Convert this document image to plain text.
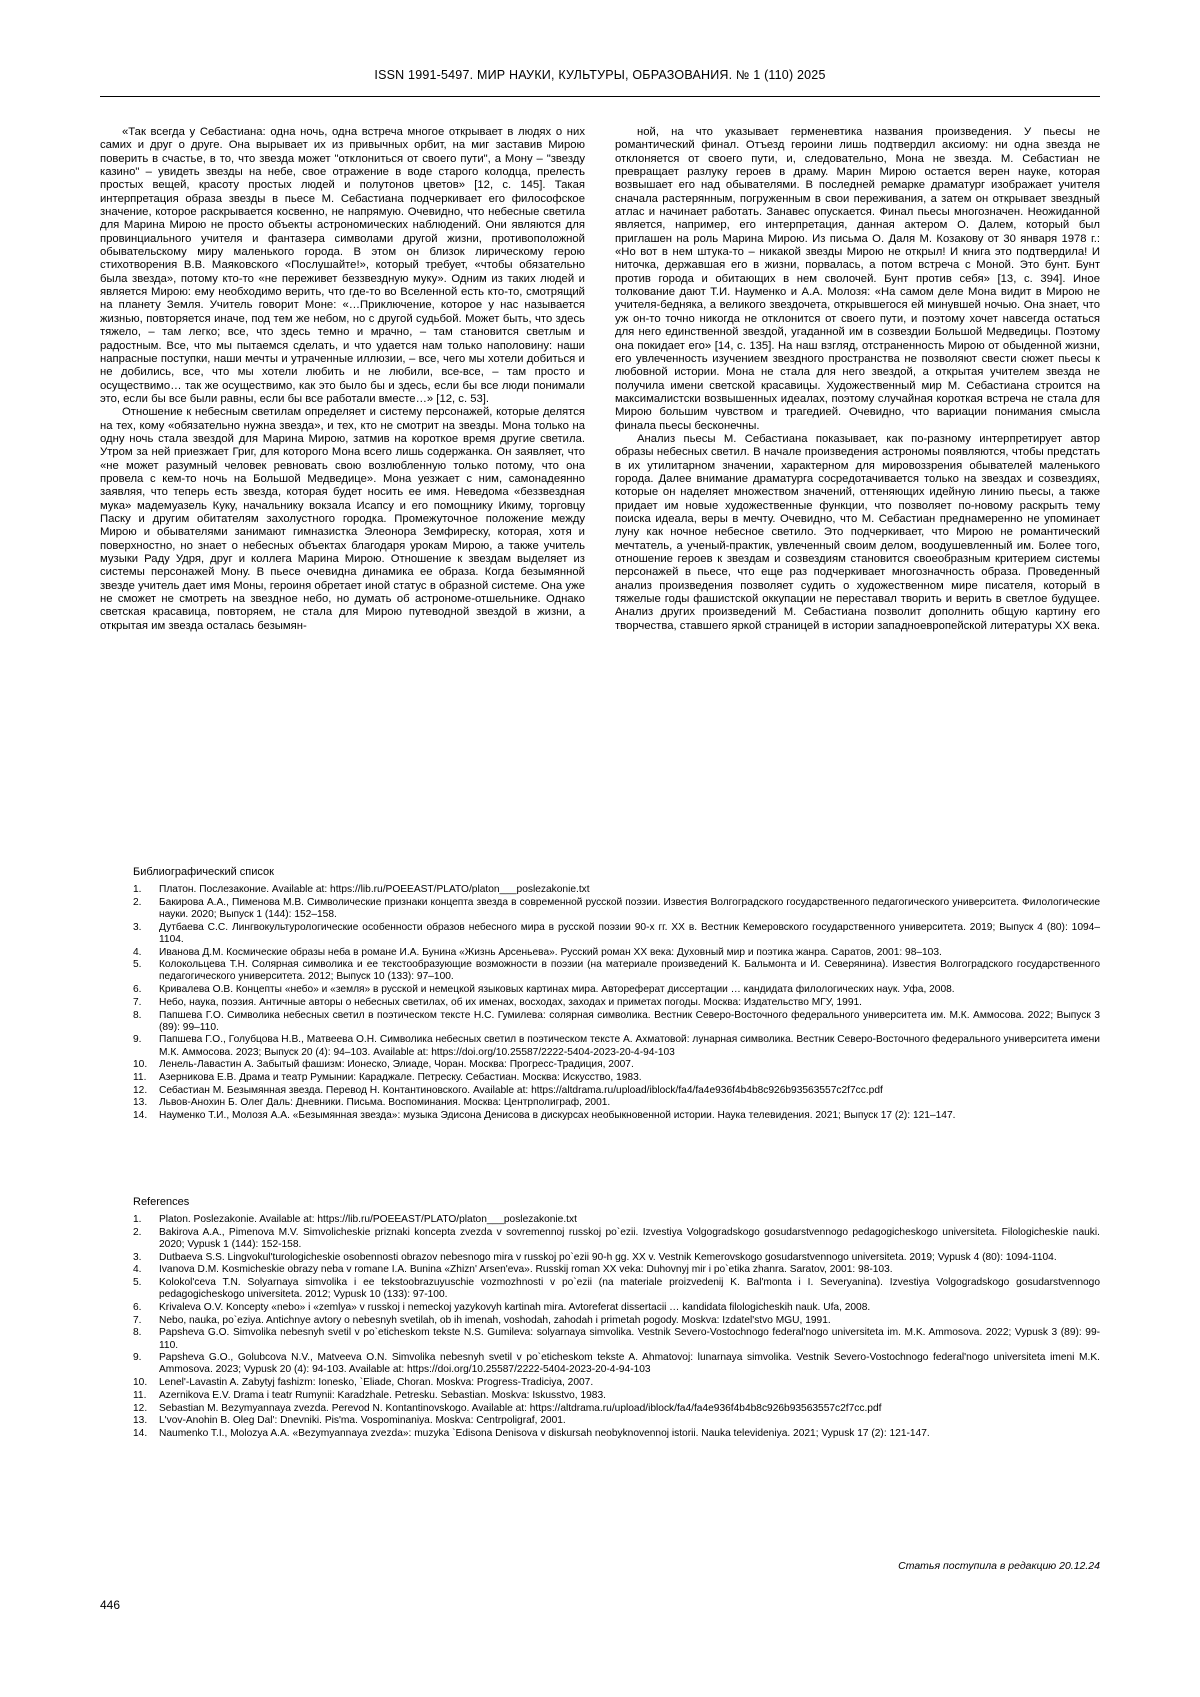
ISSN 1991-5497. МИР НАУКИ, КУЛЬТУРЫ, ОБРАЗОВАНИЯ. № 1 (110) 2025

«Так всегда у Себастиана: одна ночь, одна встреча многое открывает в людях о них самих и друг о друге. Она вырывает их из привычных орбит, на миг заставив Мирою поверить в счастье, в то, что звезда может "отклониться от своего пути", а Мону – "звезду казино" – увидеть звезды на небе, свое отражение в воде старого колодца, прелесть простых вещей, красоту простых людей и полутонов цветов» [12, с. 145]. Такая интерпретация образа звезды в пьесе М. Себастиана подчеркивает его философское значение, которое раскрывается косвенно, не напрямую. Очевидно, что небесные светила для Марина Мирою не просто объекты астрономических наблюдений. Они являются для провинциального учителя и фантазера символами другой жизни, противоположной обывательскому миру маленького города. В этом он близок лирическому герою стихотворения В.В. Маяковского «Послушайте!», который требует, «чтобы обязательно была звезда», потому кто-то «не переживет беззвездную муку». Одним из таких людей и является Мирою: ему необходимо верить, что где-то во Вселенной есть кто-то, смотрящий на планету Земля. Учитель говорит Моне: «…Приключение, которое у нас называется жизнью, повторяется иначе, под тем же небом, но с другой судьбой. Может быть, что здесь тяжело, – там легко; все, что здесь темно и мрачно, – там становится светлым и радостным. Все, что мы пытаемся сделать, и что удается нам только наполовину: наши напрасные поступки, наши мечты и утраченные иллюзии, – все, чего мы хотели добиться и не добились, все, что мы хотели любить и не любили, все-все, – там просто и осуществимо… так же осуществимо, как это было бы и здесь, если бы все люди понимали это, если бы все были равны, если бы все работали вместе…» [12, с. 53].

Отношение к небесным светилам определяет и систему персонажей, которые делятся на тех, кому «обязательно нужна звезда», и тех, кто не смотрит на звезды. Мона только на одну ночь стала звездой для Марина Мирою, затмив на короткое время другие светила. Утром за ней приезжает Григ, для которого Мона всего лишь содержанка. Он заявляет, что «не может разумный человек ревновать свою возлюбленную только потому, что она провела с кем-то ночь на Большой Медведице». Мона уезжает с ним, самонадеянно заявляя, что теперь есть звезда, которая будет носить ее имя. Неведома «беззвездная мука» мадемуазель Куку, начальнику вокзала Исапсу и его помощнику Икиму, торговцу Паску и другим обитателям захолустного городка. Промежуточное положение между Мирою и обывателями занимают гимназистка Элеонора Земфиреску, которая, хотя и поверхностно, но знает о небесных объектах благодаря урокам Мирою, а также учитель музыки Раду Удря, друг и коллега Марина Мирою. Отношение к звездам выделяет из системы персонажей Мону. В пьесе очевидна динамика ее образа. Когда безымянной звезде учитель дает имя Моны, героиня обретает иной статус в образной системе. Она уже не сможет не смотреть на звездное небо, но думать об астрономе-отшельнике. Однако светская красавица, повторяем, не стала для Мирою путеводной звездой в жизни, а открытая им звезда осталась безымян-

ной, на что указывает герменевтика названия произведения. У пьесы не романтический финал. Отъезд героини лишь подтвердил аксиому: ни одна звезда не отклоняется от своего пути, и, следовательно, Мона не звезда. М. Себастиан не превращает разлуку героев в драму. Марин Мирою остается верен науке, которая возвышает его над обывателями. В последней ремарке драматург изображает учителя сначала растерянным, погруженным в свои переживания, а затем он открывает звездный атлас и начинает работать. Занавес опускается. Финал пьесы многозначен. Неожиданной является, например, его интерпретация, данная актером О. Далем, который был приглашен на роль Марина Мирою. Из письма О. Даля М. Козакову от 30 января 1978 г.: «Но вот в нем штука-то – никакой звезды Мирою не открыл! И книга это подтвердила! И ниточка, державшая его в жизни, порвалась, а потом встреча с Моной. Это бунт. Бунт против города и обитающих в нем сволочей. Бунт против себя» [13, с. 394]. Иное толкование дают Т.И. Науменко и А.А. Молозя: «На самом деле Мона видит в Мирою не учителя-бедняка, а великого звездочета, открывшегося ей минувшей ночью. Она знает, что уж он-то точно никогда не отклонится от своего пути, и поэтому хочет навсегда остаться для него единственной звездой, угаданной им в созвездии Большой Медведицы. Поэтому она покидает его» [14, с. 135]. На наш взгляд, отстраненность Мирою от обыденной жизни, его увлеченность изучением звездного пространства не позволяют свести сюжет пьесы к любовной истории. Мона не стала для него звездой, а открытая учителем звезда не получила имени светской красавицы. Художественный мир М. Себастиана строится на максималистски возвышенных идеалах, поэтому случайная короткая встреча не стала для Мирою большим чувством и трагедией. Очевидно, что вариации понимания смысла финала пьесы бесконечны.

Анализ пьесы М. Себастиана показывает, как по-разному интерпретирует автор образы небесных светил. В начале произведения астрономы появляются, чтобы предстать в их утилитарном значении, характерном для мировоззрения обывателей маленького города. Далее внимание драматурга сосредотачивается только на звездах и созвездиях, которые он наделяет множеством значений, оттеняющих идейную линию пьесы, а также придает им новые художественные функции, что позволяет по-новому раскрыть тему поиска идеала, веры в мечту. Очевидно, что М. Себастиан преднамеренно не упоминает луну как ночное небесное светило. Это подчеркивает, что Мирою не романтический мечтатель, а ученый-практик, увлеченный своим делом, воодушевленный им. Более того, отношение героев к звездам и созвездиям становится своеобразным критерием системы персонажей в пьесе, что еще раз подчеркивает многозначность образа. Проведенный анализ произведения позволяет судить о художественном мире писателя, который в тяжелые годы фашистской оккупации не переставал творить и верить в светлое будущее. Анализ других произведений М. Себастиана позволит дополнить общую картину его творчества, ставшего яркой страницей в истории западноевропейской литературы XX века.

Библиографический список
1.	Платон. Послезаконие. Available at: https://lib.ru/POEEAST/PLATO/platon___poslezakonie.txt
2.	Бакирова А.А., Пименова М.В. Символические признаки концепта звезда в современной русской поэзии. Известия Волгоградского государственного педагогического университета. Филологические науки. 2020; Выпуск 1 (144): 152–158.
3.	Дутбаева С.С. Лингвокультурологические особенности образов небесного мира в русской поэзии 90-х гг. XX в. Вестник Кемеровского государственного университета. 2019; Выпуск 4 (80): 1094–1104.
4.	Иванова Д.М. Космические образы неба в романе И.А. Бунина «Жизнь Арсеньева». Русский роман XX века: Духовный мир и поэтика жанра. Саратов, 2001: 98–103.
5.	Колокольцева Т.Н. Солярная символика и ее текстообразующие возможности в поэзии (на материале произведений К. Бальмонта и И. Северянина). Известия Волгоградского государственного педагогического университета. 2012; Выпуск 10 (133): 97–100.
6.	Кривалева О.В. Концепты «небо» и «земля» в русской и немецкой языковых картинах мира. Автореферат диссертации … кандидата филологических наук. Уфа, 2008.
7.	Небо, наука, поэзия. Античные авторы о небесных светилах, об их именах, восходах, заходах и приметах погоды. Москва: Издательство МГУ, 1991.
8.	Папшева Г.О. Символика небесных светил в поэтическом тексте Н.С. Гумилева: солярная символика. Вестник Северо-Восточного федерального университета им. М.К. Аммосова. 2022; Выпуск 3 (89): 99–110.
9.	Папшева Г.О., Голубцова Н.В., Матвеева О.Н. Символика небесных светил в поэтическом тексте А. Ахматовой: лунарная символика. Вестник Северо-Восточного федерального университета имени М.К. Аммосова. 2023; Выпуск 20 (4): 94–103. Available at: https://doi.org/10.25587/2222-5404-2023-20-4-94-103
10.	Ленель-Лавастин А. Забытый фашизм: Ионеско, Элиаде, Чоран. Москва: Прогресс-Традиция, 2007.
11.	Азерникова Е.В. Драма и театр Румынии: Караджале. Петреску. Себастиан. Москва: Искусство, 1983.
12.	Себастиан М. Безымянная звезда. Перевод Н. Контантиновского. Available at: https://altdrama.ru/upload/iblock/fa4/fa4e936f4b4b8c926b93563557c2f7cc.pdf
13.	Львов-Анохин Б. Олег Даль: Дневники. Письма. Воспоминания. Москва: Центрполиграф, 2001.
14.	Науменко Т.И., Молозя А.А. «Безымянная звезда»: музыка Эдисона Денисова в дискурсах необыкновенной истории. Наука телевидения. 2021; Выпуск 17 (2): 121–147.
References
1.	Platon. Poslezakonie. Available at: https://lib.ru/POEEAST/PLATO/platon___poslezakonie.txt
2.	Bakirova A.A., Pimenova M.V. Simvolicheskie priznaki koncepta zvezda v sovremennoj russkoj po`ezii. Izvestiya Volgogradskogo gosudarstvennogo pedagogicheskogo universiteta. Filologicheskie nauki. 2020; Vypusk 1 (144): 152-158.
3.	Dutbaeva S.S. Lingvokul'turologicheskie osobennosti obrazov nebesnogo mira v russkoj po`ezii 90-h gg. XX v. Vestnik Kemerovskogo gosudarstvennogo universiteta. 2019; Vypusk 4 (80): 1094-1104.
4.	Ivanova D.M. Kosmicheskie obrazy neba v romane I.A. Bunina «Zhizn' Arsen'eva». Russkij roman XX veka: Duhovnyj mir i po`etika zhanra. Saratov, 2001: 98-103.
5.	Kolokol'ceva T.N. Solyarnaya simvolika i ee tekstoobrazuyuschie vozmozhnosti v po`ezii (na materiale proizvedenij K. Bal'monta i I. Severyanina). Izvestiya Volgogradskogo gosudarstvennogo pedagogicheskogo universiteta. 2012; Vypusk 10 (133): 97-100.
6.	Krivaleva O.V. Koncepty «nebo» i «zemlya» v russkoj i nemeckoj yazykovyh kartinah mira. Avtoreferat dissertacii … kandidata filologicheskih nauk. Ufa, 2008.
7.	Nebo, nauka, po`eziya. Antichnye avtory o nebesnyh svetilah, ob ih imenah, voshodah, zahodah i primetah pogody. Moskva: Izdatel'stvo MGU, 1991.
8.	Papsheva G.O. Simvolika nebesnyh svetil v po`eticheskom tekste N.S. Gumileva: solyarnaya simvolika. Vestnik Severo-Vostochnogo federal'nogo universiteta im. M.K. Ammosova. 2022; Vypusk 3 (89): 99-110.
9.	Papsheva G.O., Golubcova N.V., Matveeva O.N. Simvolika nebesnyh svetil v po`eticheskom tekste A. Ahmatovoj: lunarnaya simvolika. Vestnik Severo-Vostochnogo federal'nogo universiteta imeni M.K. Ammosova. 2023; Vypusk 20 (4): 94-103. Available at: https://doi.org/10.25587/2222-5404-2023-20-4-94-103
10.	Lenel'-Lavastin A. Zabytyj fashizm: Ionesko, `Eliade, Choran. Moskva: Progress-Tradiciya, 2007.
11.	Azernikova E.V. Drama i teatr Rumynii: Karadzhale. Petresku. Sebastian. Moskva: Iskusstvo, 1983.
12.	Sebastian M. Bezymyannaya zvezda. Perevod N. Kontantinovskogo. Available at: https://altdrama.ru/upload/iblock/fa4/fa4e936f4b4b8c926b93563557c2f7cc.pdf
13.	L'vov-Anohin B. Oleg Dal': Dnevniki. Pis'ma. Vospominaniya. Moskva: Centrpoligraf, 2001.
14.	Naumenko T.I., Molozya A.A. «Bezymyannaya zvezda»: muzyka `Edisona Denisova v diskursah neobyknovennoj istorii. Nauka televideniya. 2021; Vypusk 17 (2): 121-147.
Статья поступила в редакцию 20.12.24
446
